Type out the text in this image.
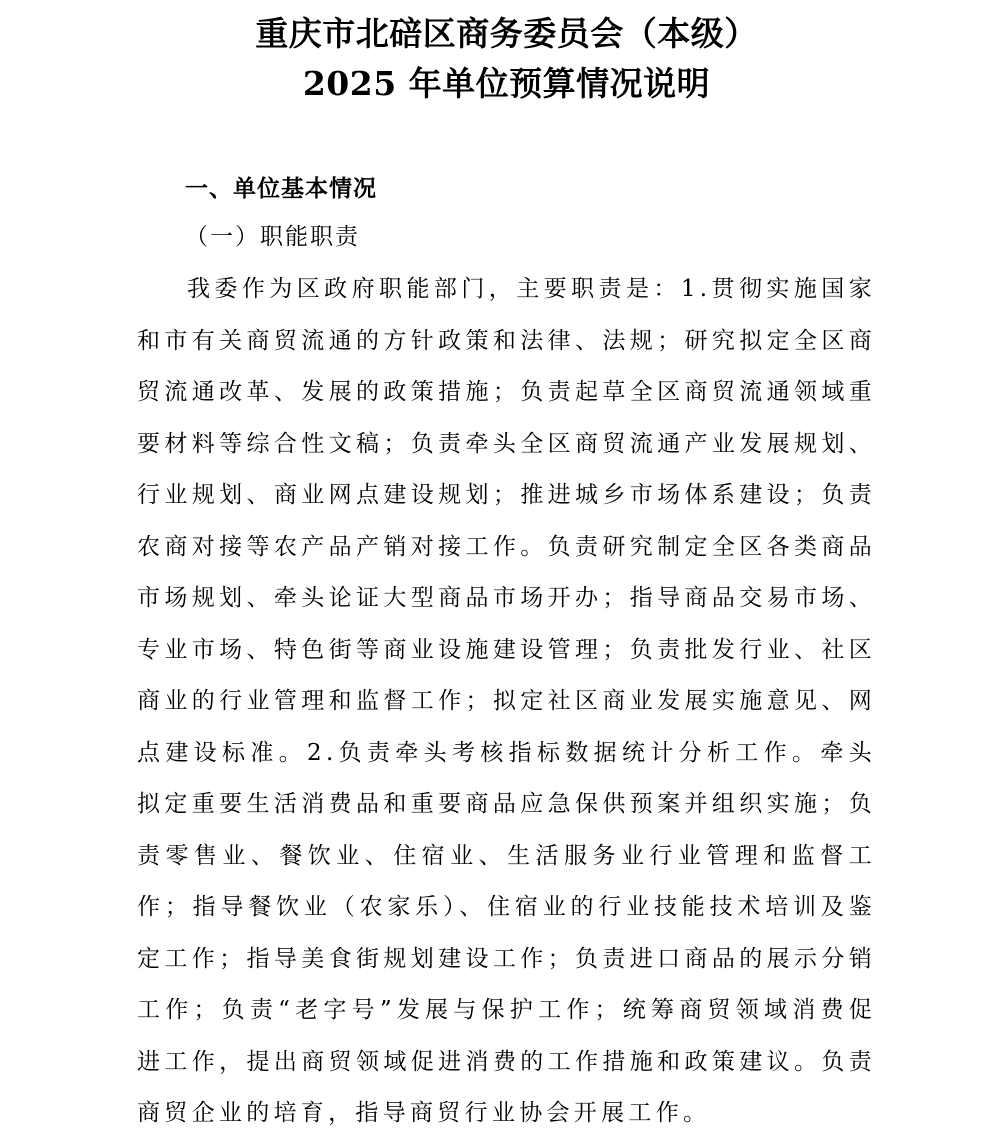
重庆市北碚区商务委员会（本级）
2025 年单位预算情况说明
一、单位基本情况
（一）职能职责

我委作为区政府职能部门，主要职责是：1.贯彻实施国家和市有关商贸流通的方针政策和法律、法规；研究拟定全区商贸流通改革、发展的政策措施；负责起草全区商贸流通领域重要材料等综合性文稿；负责牵头全区商贸流通产业发展规划、行业规划、商业网点建设规划；推进城乡市场体系建设；负责农商对接等农产品产销对接工作。负责研究制定全区各类商品市场规划、牵头论证大型商品市场开办；指导商品交易市场、专业市场、特色街等商业设施建设管理；负责批发行业、社区商业的行业管理和监督工作；拟定社区商业发展实施意见、网点建设标准。2.负责牵头考核指标数据统计分析工作。牵头拟定重要生活消费品和重要商品应急保供预案并组织实施；负责零售业、餐饮业、住宿业、生活服务业行业管理和监督工作；指导餐饮业（农家乐）、住宿业的行业技能技术培训及鉴定工作；指导美食街规划建设工作；负责进口商品的展示分销工作；负责“老字号”发展与保护工作；统筹商贸领域消费促进工作，提出商贸领域促进消费的工作措施和政策建议。负责商贸企业的培育，指导商贸行业协会开展工作。
